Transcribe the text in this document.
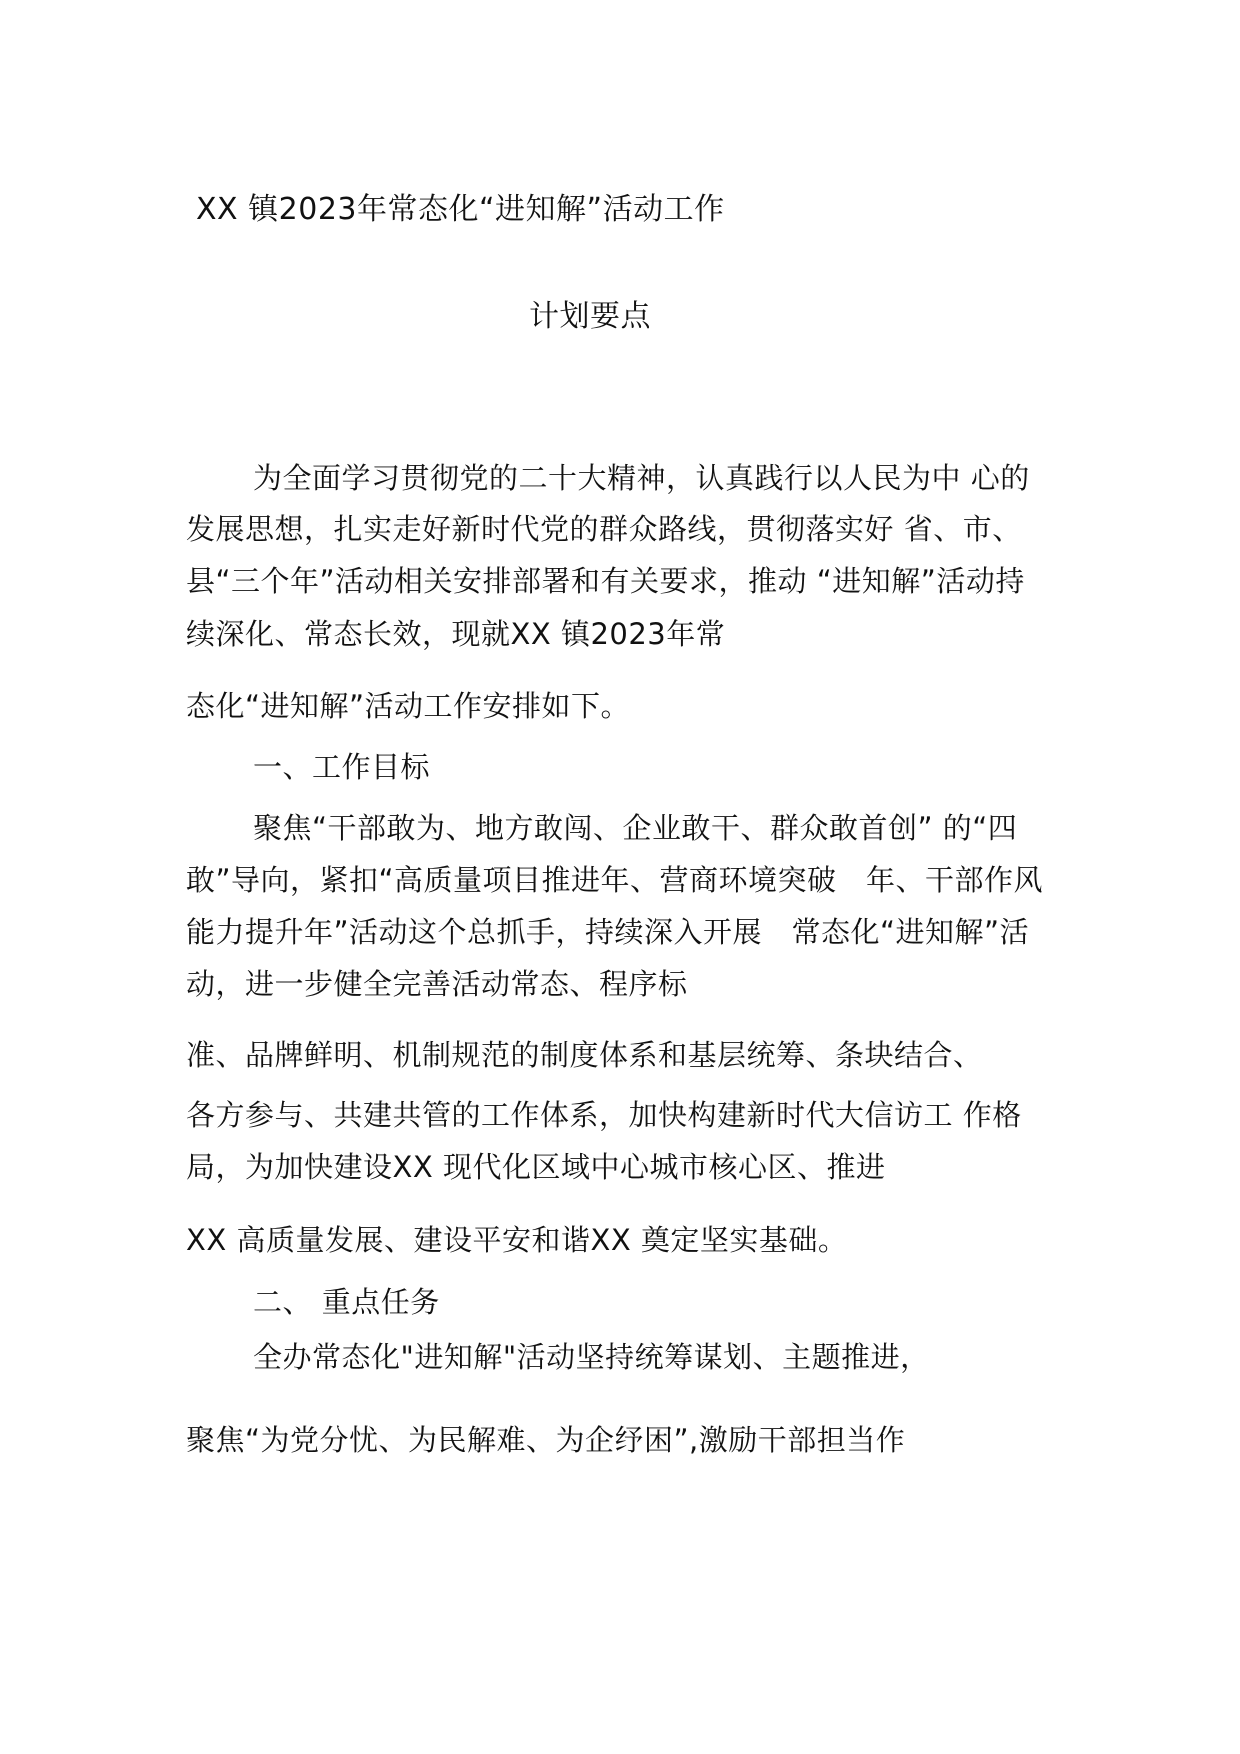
XX 镇2023年常态化“进知解”活动工作
计划要点
为全面学习贯彻党的二十大精神，认真践行以人民为中 心的
发展思想，扎实走好新时代党的群众路线，贯彻落实好 省、市、
县“三个年”活动相关安排部署和有关要求，推动 “进知解”活动持
续深化、常态长效，现就XX 镇2023年常
态化“进知解”活动工作安排如下。
一、工作目标
聚焦“干部敢为、地方敢闯、企业敢干、群众敢首创” 的“四
敢”导向，紧扣“高质量项目推进年、营商环境突破　年、干部作风
能力提升年”活动这个总抓手，持续深入开展　常态化“进知解”活
动，进一步健全完善活动常态、程序标
准、品牌鲜明、机制规范的制度体系和基层统筹、条块结合、
各方参与、共建共管的工作体系，加快构建新时代大信访工 作格
局，为加快建设XX 现代化区域中心城市核心区、推进
XX 高质量发展、建设平安和谐XX 奠定坚实基础。
二、 重点任务
全办常态化"进知解"活动坚持统筹谋划、主题推进，
聚焦“为党分忧、为民解难、为企纾困”,激励干部担当作
